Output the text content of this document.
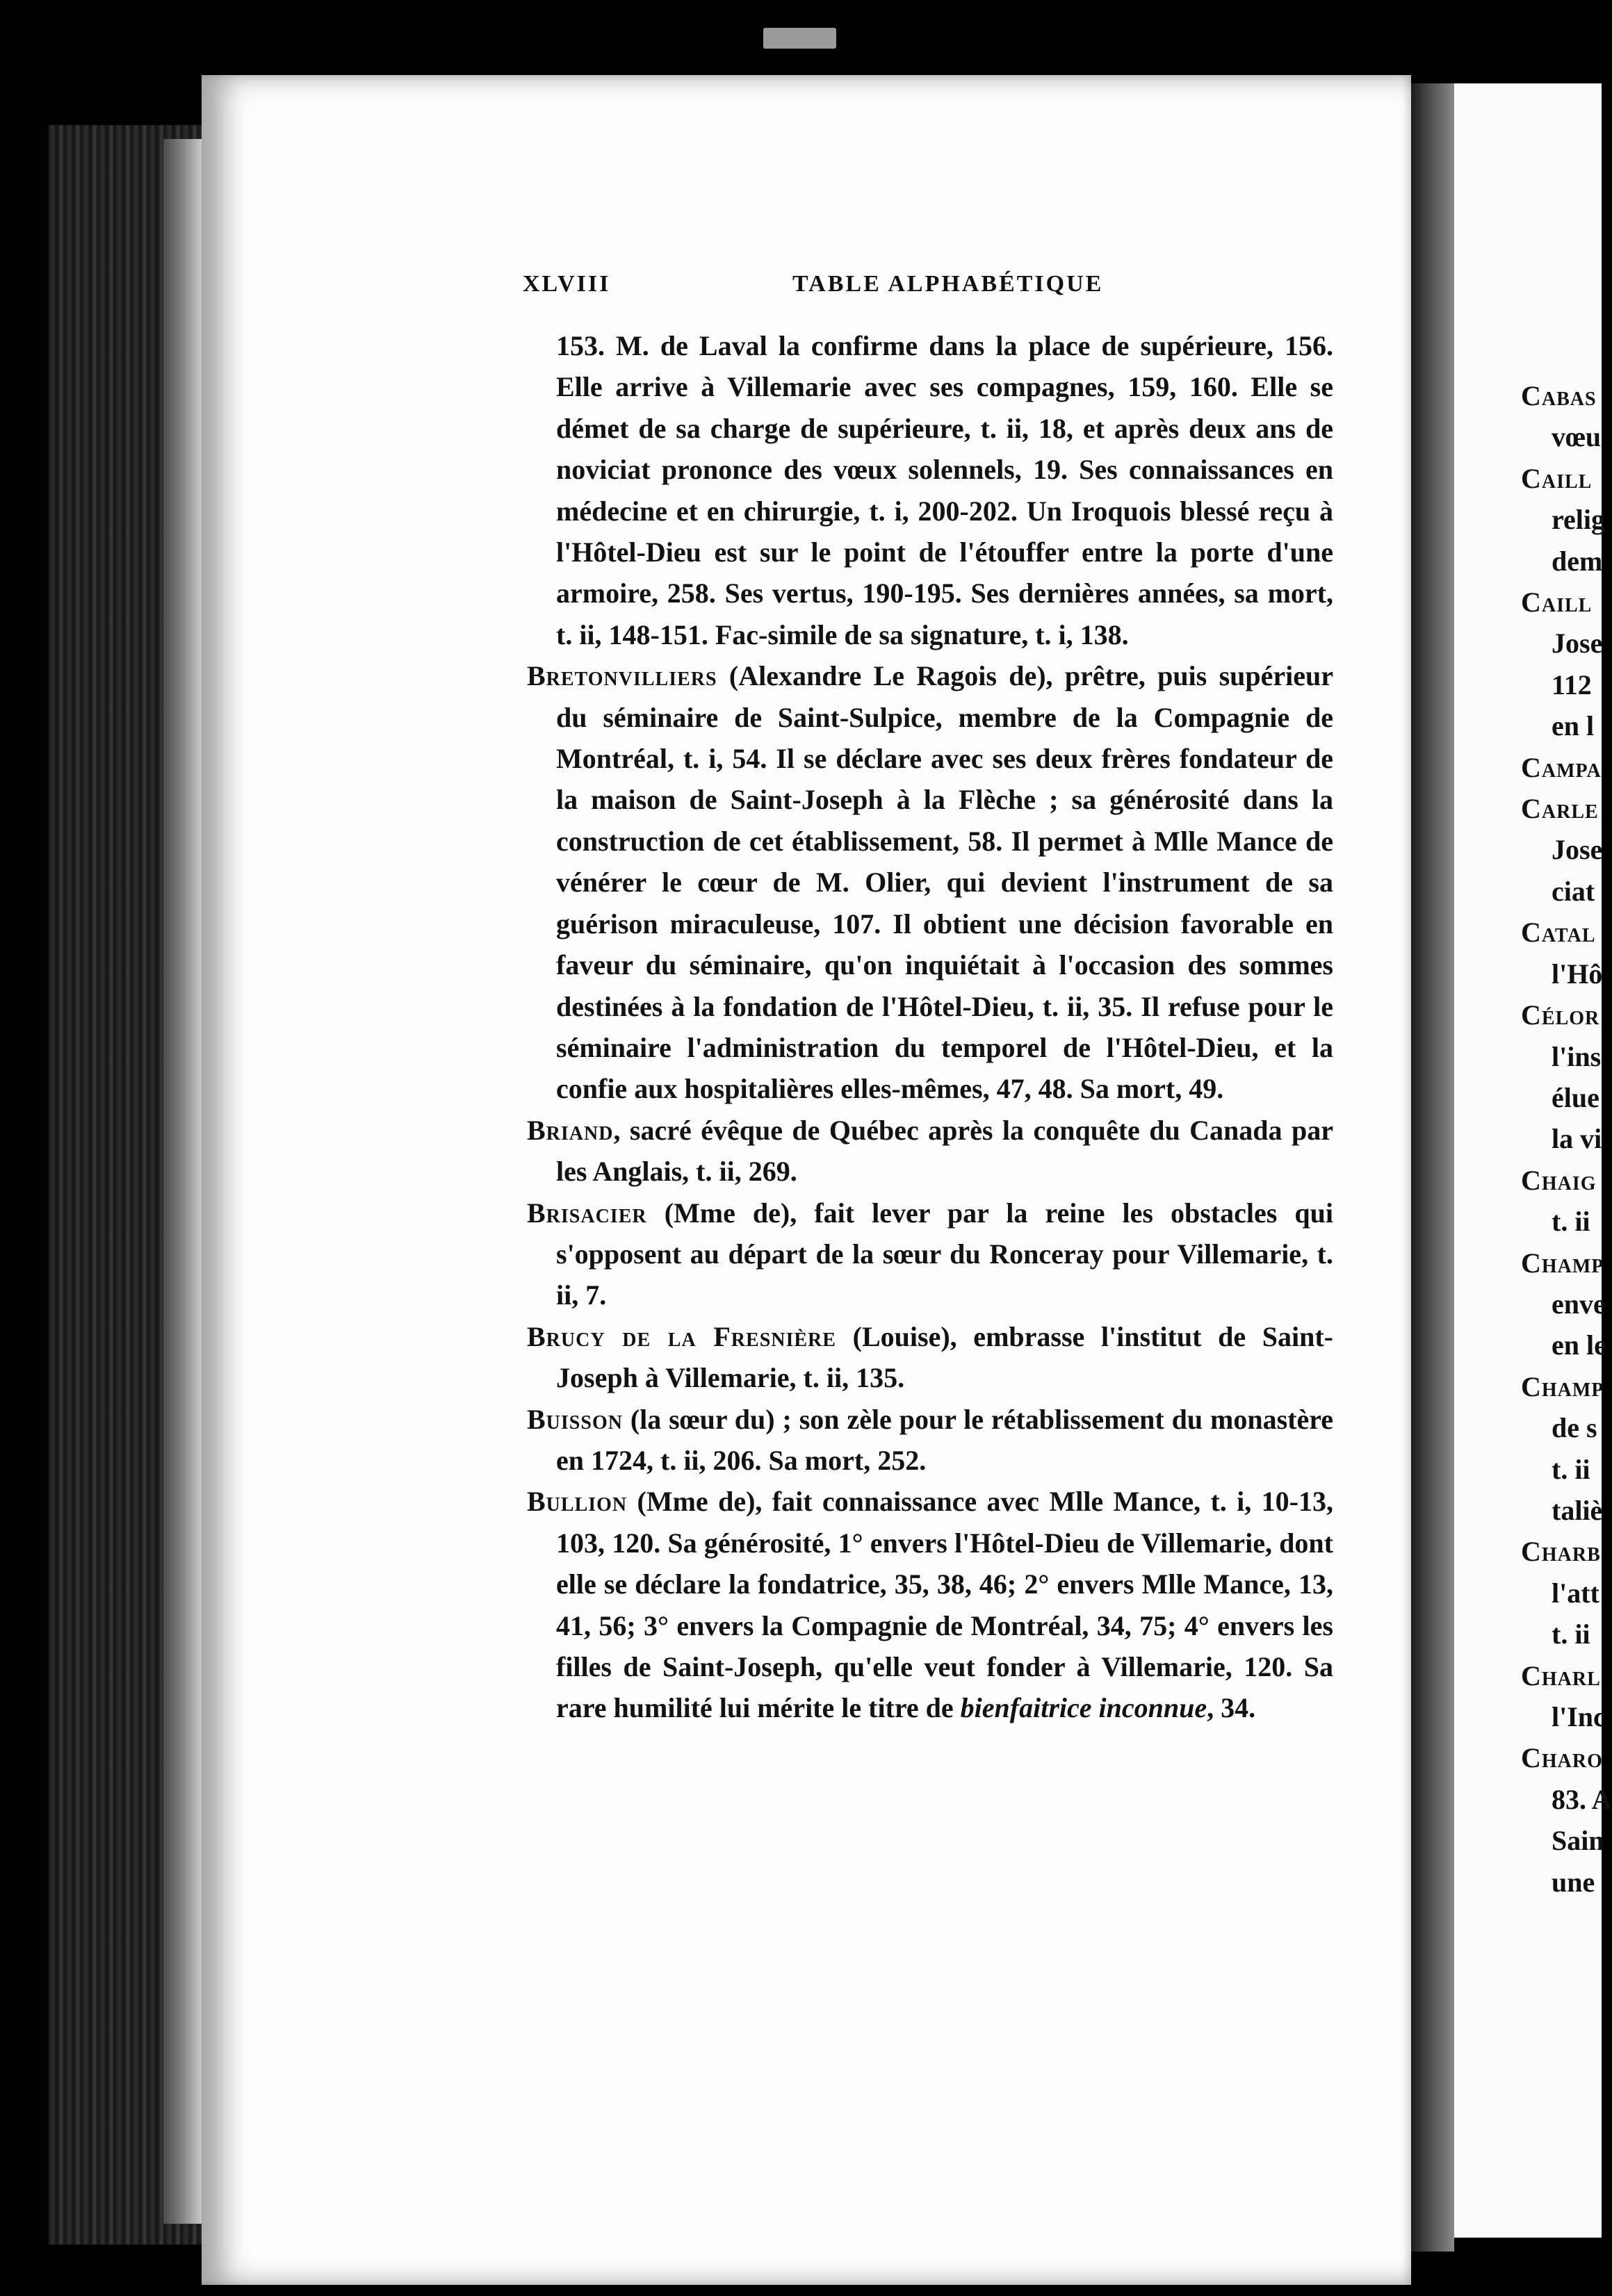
XLVIII	TABLE ALPHABÉTIQUE

153. M. de Laval la confirme dans la place de supérieure, 156. Elle arrive à Villemarie avec ses compagnes, 159, 160. Elle se démet de sa charge de supérieure, t. ii, 18, et après deux ans de noviciat prononce des vœux solennels, 19. Ses connaissances en médecine et en chirurgie, t. i, 200-202. Un Iroquois blessé reçu à l'Hôtel-Dieu est sur le point de l'étouffer entre la porte d'une armoire, 258. Ses vertus, 190-195. Ses dernières années, sa mort, t. ii, 148-151. Fac-simile de sa signature, t. i, 138.

Bretonvilliers (Alexandre Le Ragois de), prêtre, puis supérieur du séminaire de Saint-Sulpice, membre de la Compagnie de Montréal, t. i, 54. Il se déclare avec ses deux frères fondateur de la maison de Saint-Joseph à la Flèche ; sa générosité dans la construction de cet établissement, 58. Il permet à Mlle Mance de vénérer le cœur de M. Olier, qui devient l'instrument de sa guérison miraculeuse, 107. Il obtient une décision favorable en faveur du séminaire, qu'on inquiétait à l'occasion des sommes destinées à la fondation de l'Hôtel-Dieu, t. ii, 35. Il refuse pour le séminaire l'administration du temporel de l'Hôtel-Dieu, et la confie aux hospitalières elles-mêmes, 47, 48. Sa mort, 49.

Briand, sacré évêque de Québec après la conquête du Canada par les Anglais, t. ii, 269.

Brisacier (Mme de), fait lever par la reine les obstacles qui s'opposent au départ de la sœur du Ronceray pour Villemarie, t. ii, 7.

Brucy de la Fresnière (Louise), embrasse l'institut de Saint-Joseph à Villemarie, t. ii, 135.

Buisson (la sœur du) ; son zèle pour le rétablissement du monastère en 1724, t. ii, 206. Sa mort, 252.

Bullion (Mme de), fait connaissance avec Mlle Mance, t. i, 10-13, 103, 120. Sa générosité, 1° envers l'Hôtel-Dieu de Villemarie, dont elle se déclare la fondatrice, 35, 38, 46; 2° envers Mlle Mance, 13, 41, 56; 3° envers la Compagnie de Montréal, 34, 75; 4° envers les filles de Saint-Joseph, qu'elle veut fonder à Villemarie, 120. Sa rare humilité lui mérite le titre de bienfaitrice inconnue, 34.

Cabas
vœu
Caill
relig
dem
Caill
Jose
112
en l
Campa
Carle
Jose
ciat
Catal
l'Hô
Célor
l'ins
élue
la vi
Chaig
t. ii
Champ
enve
en le
Champ
de s
t. ii
taliè
Charb
l'att
t. ii
Charl
l'Inc
Charo
83. A
Sain
une
